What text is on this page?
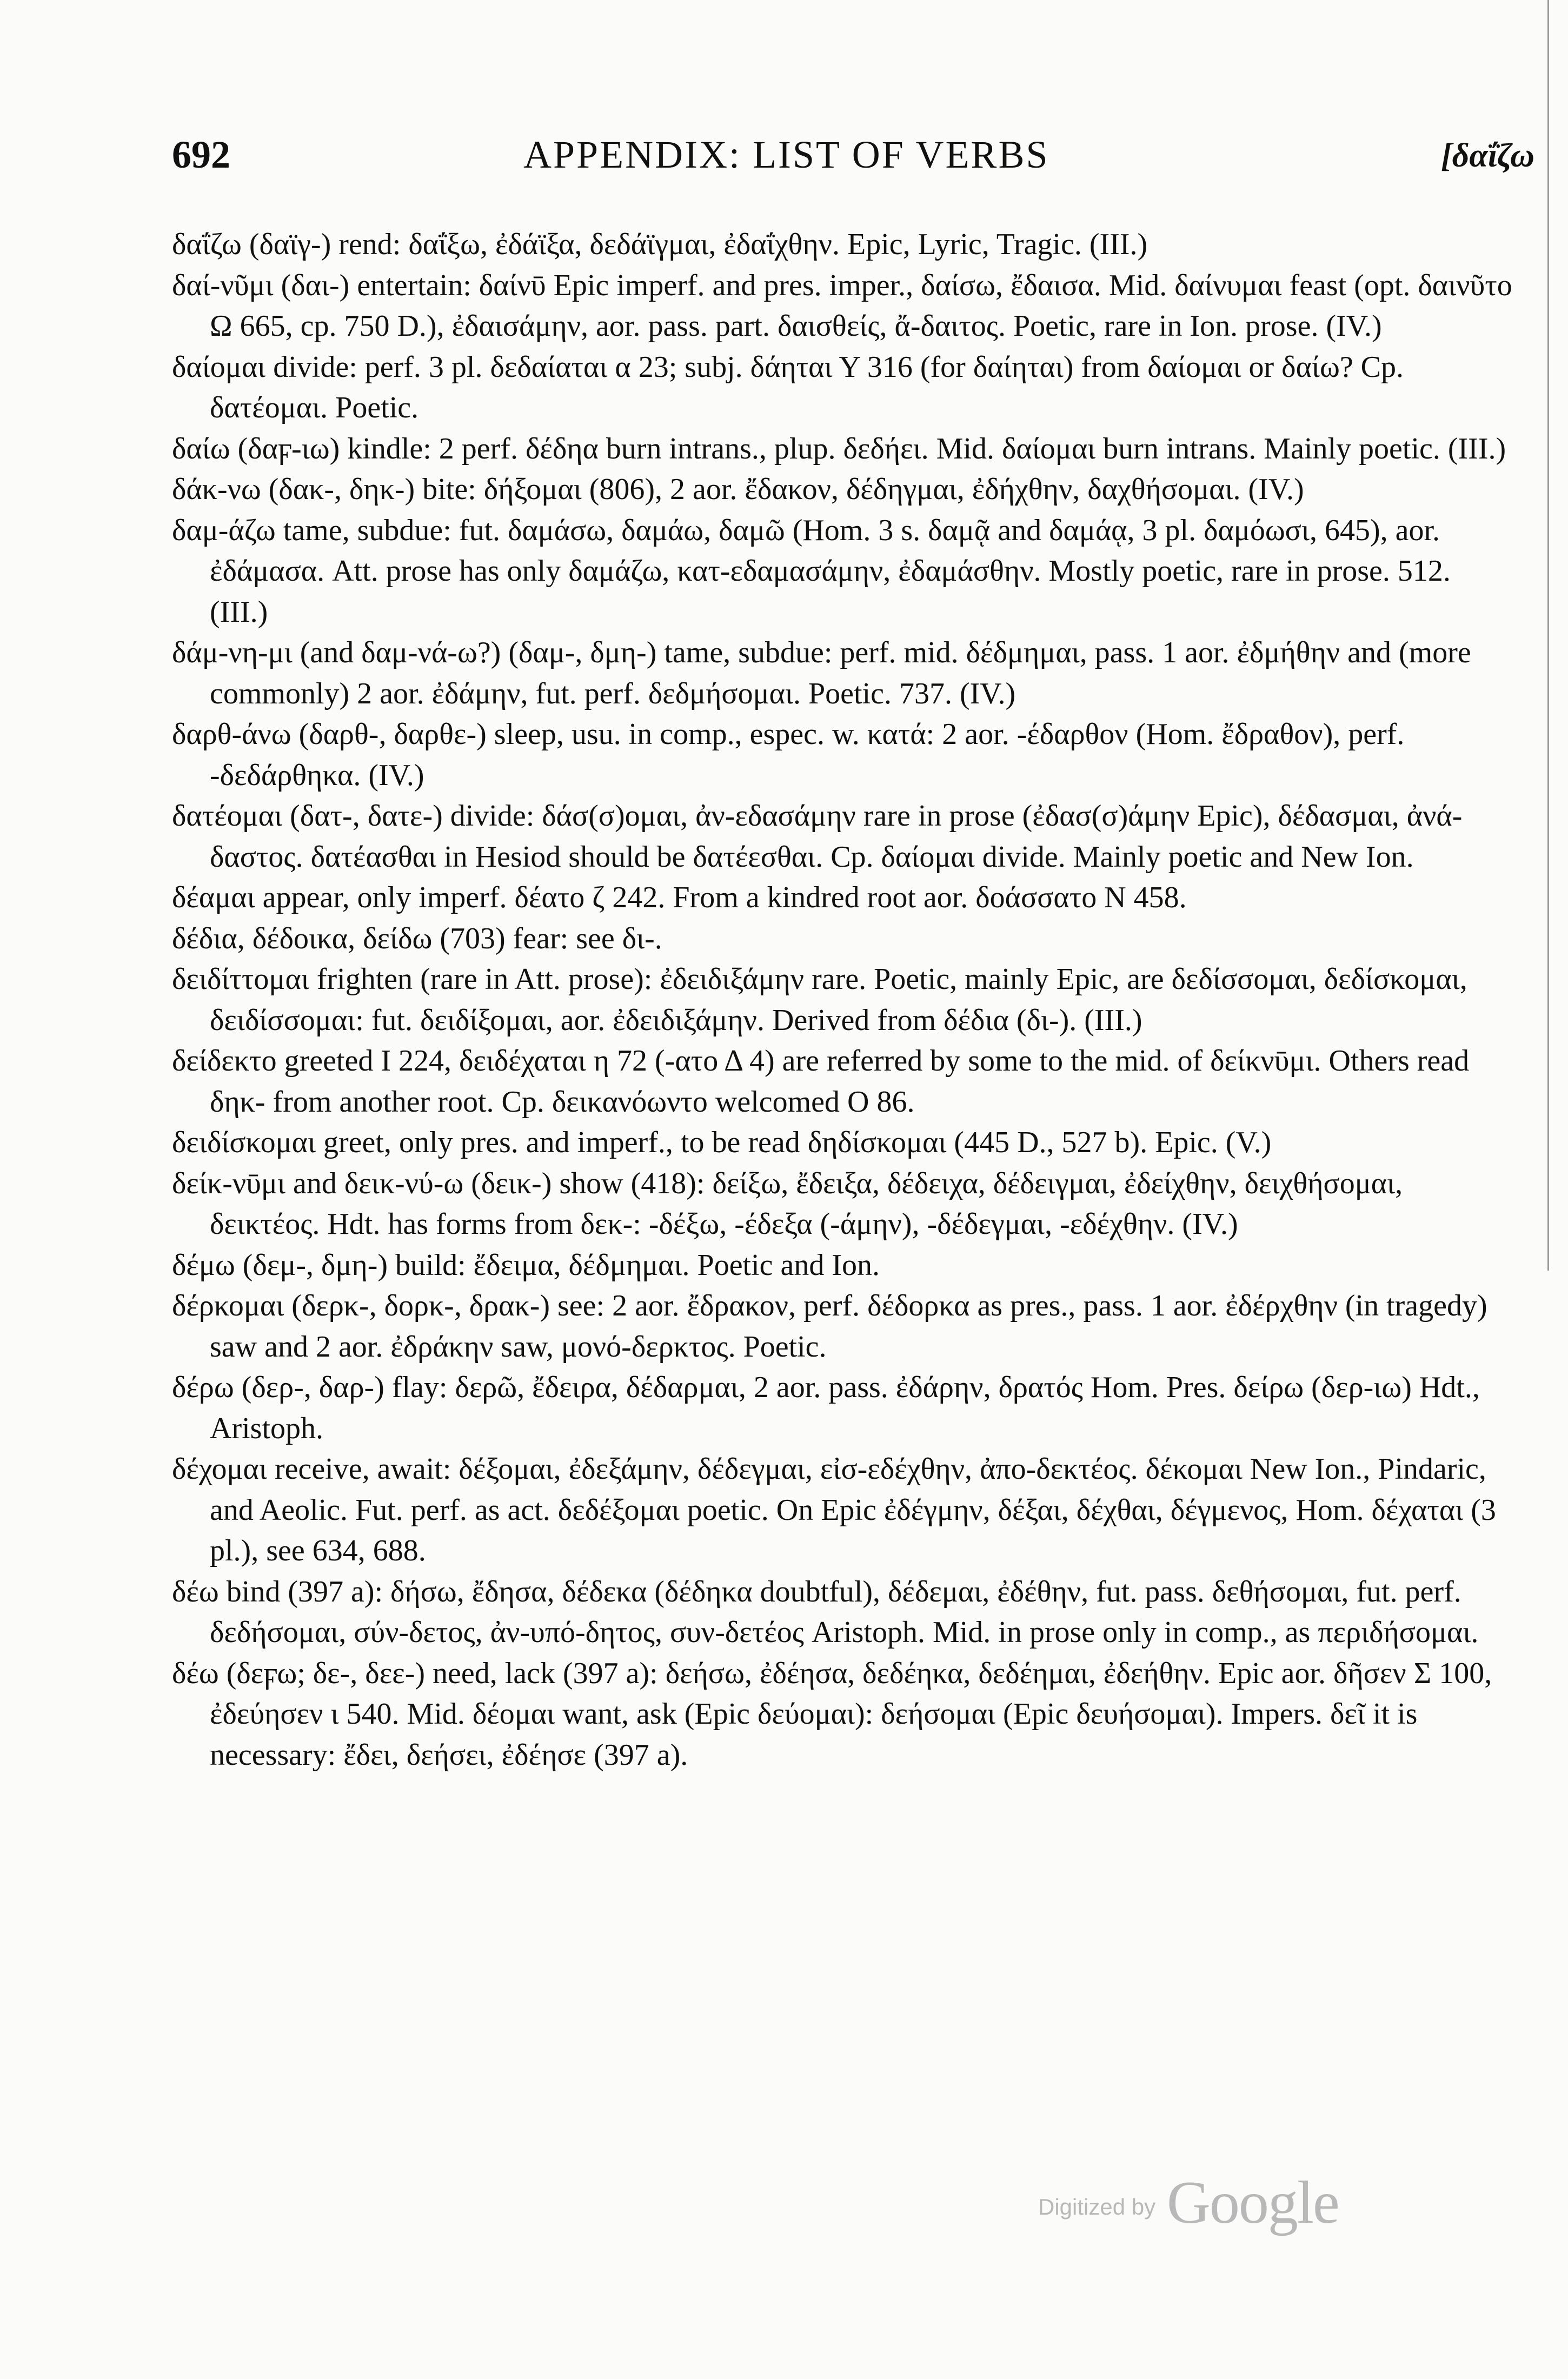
692	APPENDIX: LIST OF VERBS	[δαΐζω

δαΐζω (δαϊγ-) rend: δαΐξω, ἐδάϊξα, δεδάϊγμαι, ἐδαΐχθην. Epic, Lyric, Tragic. (III.)

δαί-νῦμι (δαι-) entertain: δαίνῡ Epic imperf. and pres. imper., δαίσω, ἔδαισα. Mid. δαίνυμαι feast (opt. δαινῦτο Ω 665, cp. 750 D.), ἐδαισάμην, aor. pass. part. δαισθείς, ἄ-δαιτος. Poetic, rare in Ion. prose. (IV.)

δαίομαι divide: perf. 3 pl. δεδαίαται α 23; subj. δάηται Υ 316 (for δαίηται) from δαίομαι or δαίω? Cp. δατέομαι. Poetic.

δαίω (δαϝ-ιω) kindle: 2 perf. δέδηα burn intrans., plup. δεδήει. Mid. δαίομαι burn intrans. Mainly poetic. (III.)

δάκ-νω (δακ-, δηκ-) bite: δήξομαι (806), 2 aor. ἔδακον, δέδηγμαι, ἐδήχθην, δαχθήσομαι. (IV.)

δαμ-άζω tame, subdue: fut. δαμάσω, δαμάω, δαμῶ (Hom. 3 s. δαμᾷ and δαμάᾳ, 3 pl. δαμόωσι, 645), aor. ἐδάμασα. Att. prose has only δαμάζω, κατ-εδαμασάμην, ἐδαμάσθην. Mostly poetic, rare in prose. 512. (III.)

δάμ-νη-μι (and δαμ-νά-ω?) (δαμ-, δμη-) tame, subdue: perf. mid. δέδμημαι, pass. 1 aor. ἐδμήθην and (more commonly) 2 aor. ἐδάμην, fut. perf. δεδμήσομαι. Poetic. 737. (IV.)

δαρθ-άνω (δαρθ-, δαρθε-) sleep, usu. in comp., espec. w. κατά: 2 aor. -έδαρθον (Hom. ἔδραθον), perf. -δεδάρθηκα. (IV.)

δατέομαι (δατ-, δατε-) divide: δάσ(σ)ομαι, ἀν-εδασάμην rare in prose (ἐδασ(σ)άμην Epic), δέδασμαι, ἀνά-δαστος. δατέασθαι in Hesiod should be δατέεσθαι. Cp. δαίομαι divide. Mainly poetic and New Ion.

δέαμαι appear, only imperf. δέατο ζ 242. From a kindred root aor. δοάσσατο Ν 458.

δέδια, δέδοικα, δείδω (703) fear: see δι-.

δειδίττομαι frighten (rare in Att. prose): ἐδειδιξάμην rare. Poetic, mainly Epic, are δεδίσσομαι, δεδίσκομαι, δειδίσσομαι: fut. δειδίξομαι, aor. ἐδειδιξάμην. Derived from δέδια (δι-). (III.)

δείδεκτο greeted Ι 224, δειδέχαται η 72 (-ατο Δ 4) are referred by some to the mid. of δείκνῡμι. Others read δηκ- from another root. Cp. δεικανόωντο welcomed Ο 86.

δειδίσκομαι greet, only pres. and imperf., to be read δηδίσκομαι (445 D., 527 b). Epic. (V.)

δείκ-νῡμι and δεικ-νύ-ω (δεικ-) show (418): δείξω, ἔδειξα, δέδειχα, δέδειγμαι, ἐδείχθην, δειχθήσομαι, δεικτέος. Hdt. has forms from δεκ-: -δέξω, -έδεξα (-άμην), -δέδεγμαι, -εδέχθην. (IV.)

δέμω (δεμ-, δμη-) build: ἔδειμα, δέδμημαι. Poetic and Ion.

δέρκομαι (δερκ-, δορκ-, δρακ-) see: 2 aor. ἔδρακον, perf. δέδορκα as pres., pass. 1 aor. ἐδέρχθην (in tragedy) saw and 2 aor. ἐδράκην saw, μονό-δερκτος. Poetic.

δέρω (δερ-, δαρ-) flay: δερῶ, ἔδειρα, δέδαρμαι, 2 aor. pass. ἐδάρην, δρατός Hom. Pres. δείρω (δερ-ιω) Hdt., Aristoph.

δέχομαι receive, await: δέξομαι, ἐδεξάμην, δέδεγμαι, εἰσ-εδέχθην, ἀπο-δεκτέος. δέκομαι New Ion., Pindaric, and Aeolic. Fut. perf. as act. δεδέξομαι poetic. On Epic ἐδέγμην, δέξαι, δέχθαι, δέγμενος, Hom. δέχαται (3 pl.), see 634, 688.

δέω bind (397 a): δήσω, ἔδησα, δέδεκα (δέδηκα doubtful), δέδεμαι, ἐδέθην, fut. pass. δεθήσομαι, fut. perf. δεδήσομαι, σύν-δετος, ἀν-υπό-δητος, συν-δετέος Aristoph. Mid. in prose only in comp., as περιδήσομαι.

δέω (δεϝω; δε-, δεε-) need, lack (397 a): δεήσω, ἐδέησα, δεδέηκα, δεδέημαι, ἐδεήθην. Epic aor. δῆσεν Σ 100, ἐδεύησεν ι 540. Mid. δέομαι want, ask (Epic δεύομαι): δεήσομαι (Epic δευήσομαι). Impers. δεῖ it is necessary: ἔδει, δεήσει, ἐδέησε (397 a).

Digitized by Google
